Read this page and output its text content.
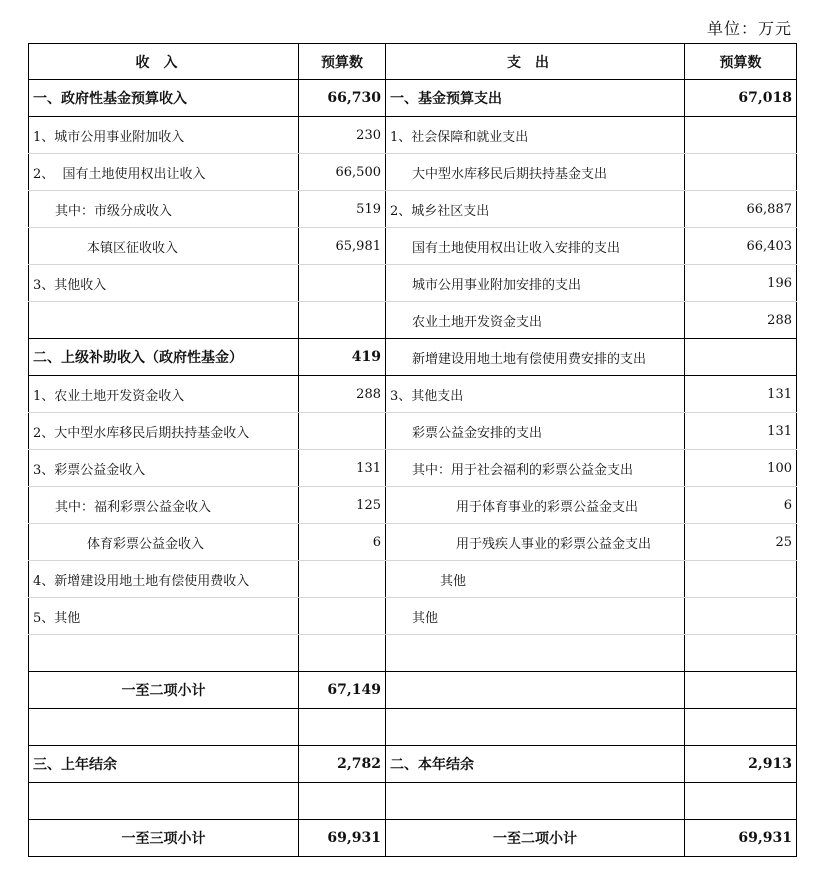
单位：万元
收入	预算数	支出	预算数
一、政府性基金预算收入	66,730	一、基金预算支出	67,018
1、城市公用事业附加收入	230	1、社会保障和就业支出	
2、  国有土地使用权出让收入	66,500	大中型水库移民后期扶持基金支出	
其中：市级分成收入	519	2、城乡社区支出	66,887
本镇区征收收入	65,981	国有土地使用权出让收入安排的支出	66,403
3、其他收入		城市公用事业附加安排的支出	196
		农业土地开发资金支出	288
二、上级补助收入（政府性基金）	419	新增建设用地土地有偿使用费安排的支出	
1、农业土地开发资金收入	288	3、其他支出	131
2、大中型水库移民后期扶持基金收入		彩票公益金安排的支出	131
3、彩票公益金收入	131	其中：用于社会福利的彩票公益金支出	100
其中：福利彩票公益金收入	125	用于体育事业的彩票公益金支出	6
体育彩票公益金收入	6	用于残疾人事业的彩票公益金支出	25
4、新增建设用地土地有偿使用费收入		其他	
5、其他		其他	

一至二项小计	67,149		

三、上年结余	2,782	二、本年结余	2,913

一至三项小计	69,931	一至二项小计	69,931
